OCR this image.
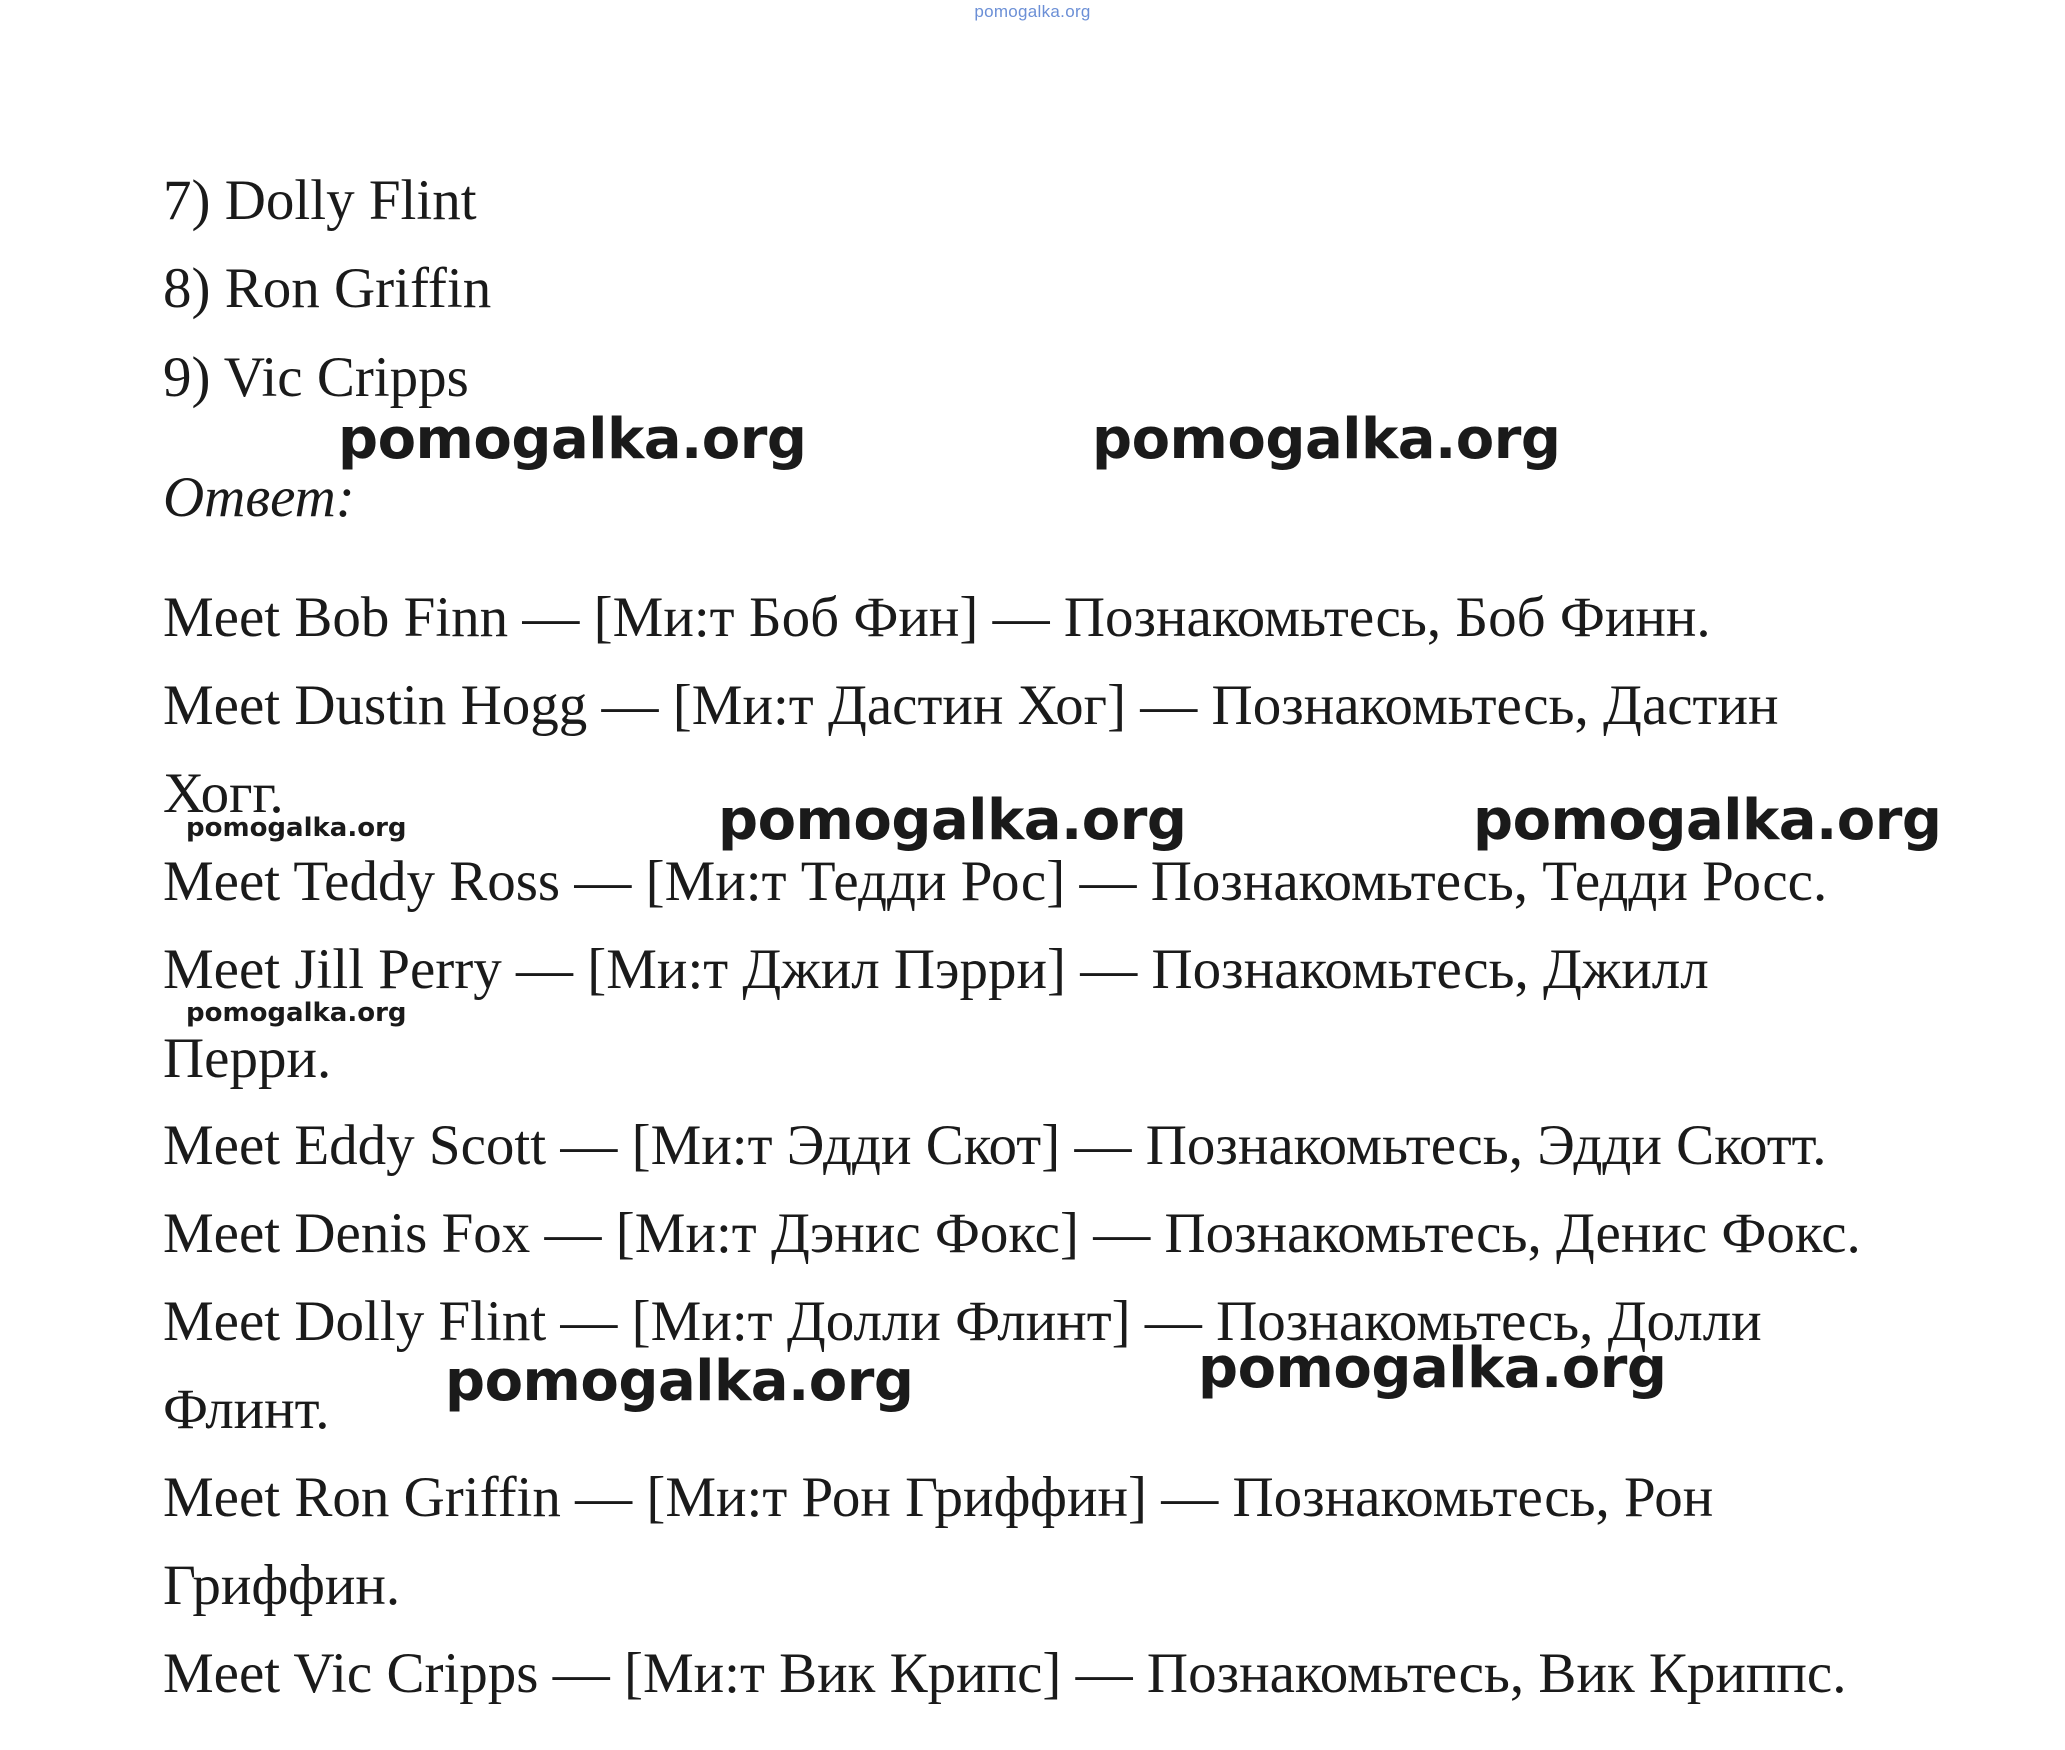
pomogalka.org
7) Dolly Flint
8) Ron Griffin
9) Vic Cripps
Ответ:
Meet Bob Finn — [Ми:т Боб Фин] — Познакомьтесь, Боб Финн.
Meet Dustin Hogg — [Ми:т Дастин Хог] — Познакомьтесь, Дастин
Хогг.
Meet Teddy Ross — [Ми:т Тедди Рос] — Познакомьтесь, Тедди Росс.
Meet Jill Perry — [Ми:т Джил Пэрри] — Познакомьтесь, Джилл
Перри.
Meet Eddy Scott — [Ми:т Эдди Скот] — Познакомьтесь, Эдди Скотт.
Meet Denis Fox — [Ми:т Дэнис Фокс] — Познакомьтесь, Денис Фокс.
Meet Dolly Flint — [Ми:т Долли Флинт] — Познакомьтесь, Долли
Флинт.
Meet Ron Griffin — [Ми:т Рон Гриффин] — Познакомьтесь, Рон
Гриффин.
Meet Vic Cripps — [Ми:т Вик Крипс] — Познакомьтесь, Вик Криппс.
pomogalka.org	pomogalka.org
pomogalka.org	pomogalka.org	pomogalka.org
pomogalka.org
pomogalka.org	pomogalka.org
